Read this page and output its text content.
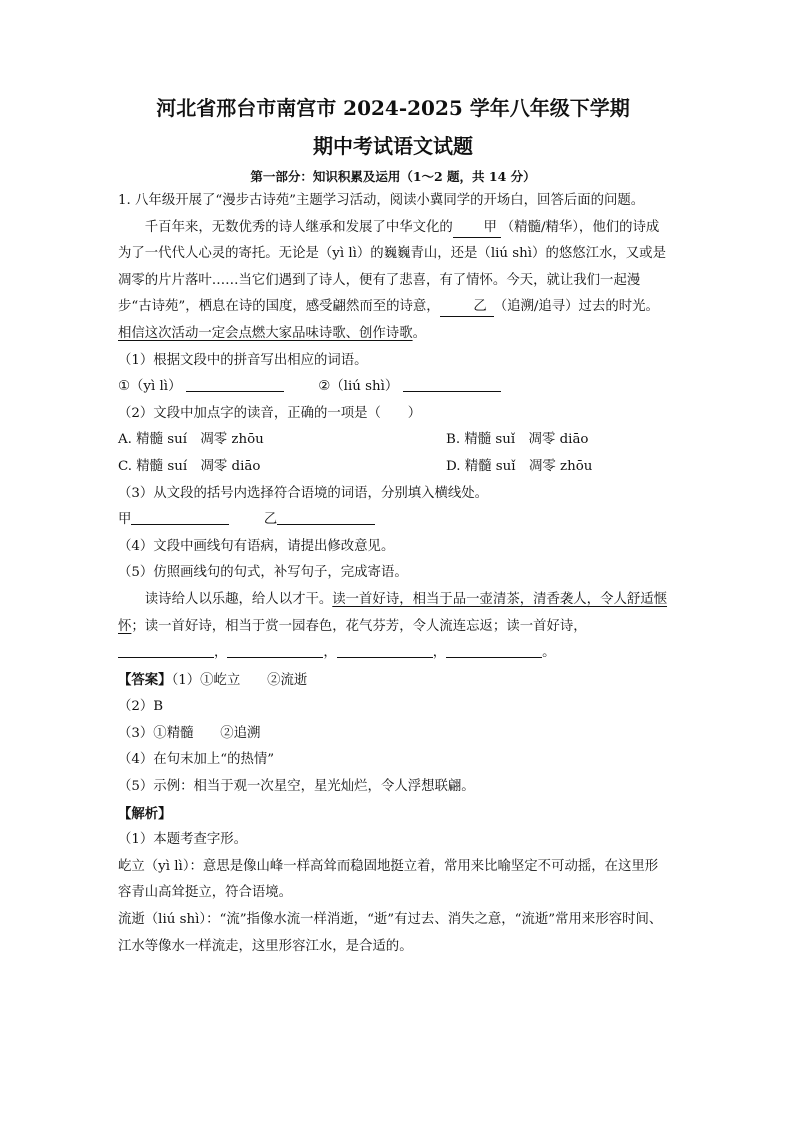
河北省邢台市南宫市 2024-2025 学年八年级下学期
期中考试语文试题
第一部分：知识积累及运用（1～2 题，共 14 分）
1. 八年级开展了“漫步古诗苑”主题学习活动，阅读小冀同学的开场白，回答后面的问题。
千百年来，无数优秀的诗人继承和发展了中华文化的 甲 （精髓/精华），他们的诗成为了一代代人心灵的寄托。无论是（yì lì）的巍巍青山，还是（liú shì）的悠悠江水，又或是凋零的片片落叶……当它们遇到了诗人，便有了悲喜，有了情怀。今天，就让我们一起漫步“古诗苑”，栖息在诗的国度，感受翩然而至的诗意，	乙 （追溯/追寻）过去的时光。相信这次活动一定会点燃大家品味诗歌、创作诗歌。
（1）根据文段中的拼音写出相应的词语。
①（yì lì）	②（liú shì）
（2）文段中加点字的读音，正确的一项是（　　）
A. 精髓 suí　凋零 zhōu	B. 精髓 suǐ　凋零 diāo
C. 精髓 suí　凋零 diāo	D. 精髓 suǐ　凋零 zhōu
（3）从文段的括号内选择符合语境的词语，分别填入横线处。
甲	乙
（4）文段中画线句有语病，请提出修改意见。
（5）仿照画线句的句式，补写句子，完成寄语。
读诗给人以乐趣，给人以才干。读一首好诗，相当于品一壶清茶，清香袭人，令人舒适惬怀；读一首好诗，相当于赏一园春色，花气芬芳，令人流连忘返；读一首好诗，
，	，	，	。
【答案】（1）①屹立　　②流逝
（2）B
（3）①精髓　　②追溯
（4）在句末加上“的热情”
（5）示例：相当于观一次星空，星光灿烂，令人浮想联翩。
【解析】
（1）本题考查字形。
屹立（yì lì）：意思是像山峰一样高耸而稳固地挺立着，常用来比喻坚定不可动摇，在这里形容青山高耸挺立，符合语境。
流逝（liú shì）：“流”指像水流一样消逝，“逝”有过去、消失之意，“流逝”常用来形容时间、江水等像水一样流走，这里形容江水，是合适的。
